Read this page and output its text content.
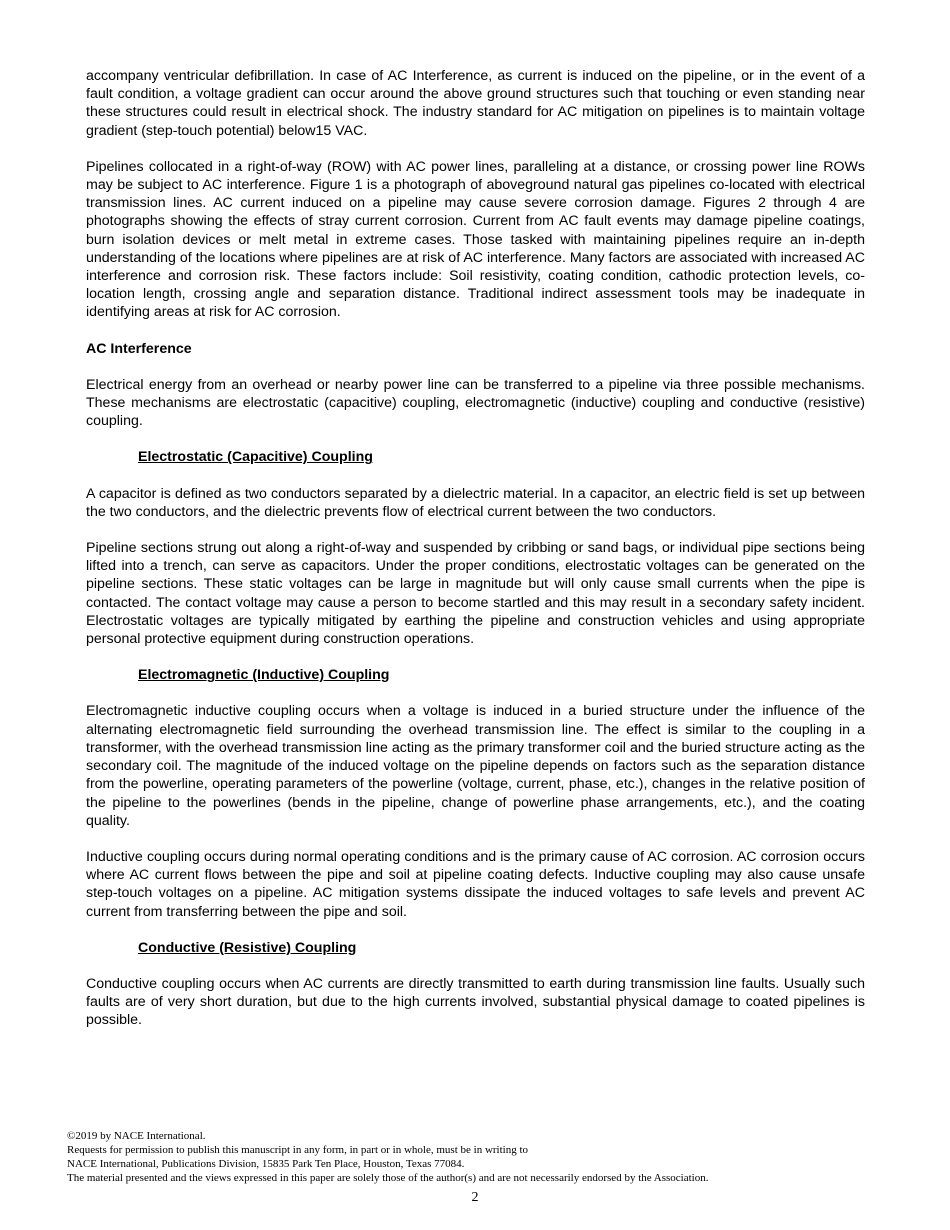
accompany ventricular defibrillation. In case of AC Interference, as current is induced on the pipeline, or in the event of a fault condition, a voltage gradient can occur around the above ground structures such that touching or even standing near these structures could result in electrical shock. The industry standard for AC mitigation on pipelines is to maintain voltage gradient (step-touch potential) below15 VAC.

Pipelines collocated in a right-of-way (ROW) with AC power lines, paralleling at a distance, or crossing power line ROWs may be subject to AC interference. Figure 1 is a photograph of aboveground natural gas pipelines co-located with electrical transmission lines. AC current induced on a pipeline may cause severe corrosion damage. Figures 2 through 4 are photographs showing the effects of stray current corrosion. Current from AC fault events may damage pipeline coatings, burn isolation devices or melt metal in extreme cases. Those tasked with maintaining pipelines require an in-depth understanding of the locations where pipelines are at risk of AC interference. Many factors are associated with increased AC interference and corrosion risk. These factors include: Soil resistivity, coating condition, cathodic protection levels, co-location length, crossing angle and separation distance. Traditional indirect assessment tools may be inadequate in identifying areas at risk for AC corrosion.

AC Interference

Electrical energy from an overhead or nearby power line can be transferred to a pipeline via three possible mechanisms. These mechanisms are electrostatic (capacitive) coupling, electromagnetic (inductive) coupling and conductive (resistive) coupling.

Electrostatic (Capacitive) Coupling

A capacitor is defined as two conductors separated by a dielectric material. In a capacitor, an electric field is set up between the two conductors, and the dielectric prevents flow of electrical current between the two conductors.

Pipeline sections strung out along a right-of-way and suspended by cribbing or sand bags, or individual pipe sections being lifted into a trench, can serve as capacitors. Under the proper conditions, electrostatic voltages can be generated on the pipeline sections. These static voltages can be large in magnitude but will only cause small currents when the pipe is contacted. The contact voltage may cause a person to become startled and this may result in a secondary safety incident. Electrostatic voltages are typically mitigated by earthing the pipeline and construction vehicles and using appropriate personal protective equipment during construction operations.

Electromagnetic (Inductive) Coupling

Electromagnetic inductive coupling occurs when a voltage is induced in a buried structure under the influence of the alternating electromagnetic field surrounding the overhead transmission line. The effect is similar to the coupling in a transformer, with the overhead transmission line acting as the primary transformer coil and the buried structure acting as the secondary coil. The magnitude of the induced voltage on the pipeline depends on factors such as the separation distance from the powerline, operating parameters of the powerline (voltage, current, phase, etc.), changes in the relative position of the pipeline to the powerlines (bends in the pipeline, change of powerline phase arrangements, etc.), and the coating quality.

Inductive coupling occurs during normal operating conditions and is the primary cause of AC corrosion. AC corrosion occurs where AC current flows between the pipe and soil at pipeline coating defects. Inductive coupling may also cause unsafe step-touch voltages on a pipeline. AC mitigation systems dissipate the induced voltages to safe levels and prevent AC current from transferring between the pipe and soil.

Conductive (Resistive) Coupling

Conductive coupling occurs when AC currents are directly transmitted to earth during transmission line faults. Usually such faults are of very short duration, but due to the high currents involved, substantial physical damage to coated pipelines is possible.

©2019 by NACE International.
Requests for permission to publish this manuscript in any form, in part or in whole, must be in writing to
NACE International, Publications Division, 15835 Park Ten Place, Houston, Texas 77084.
The material presented and the views expressed in this paper are solely those of the author(s) and are not necessarily endorsed by the Association.
2
